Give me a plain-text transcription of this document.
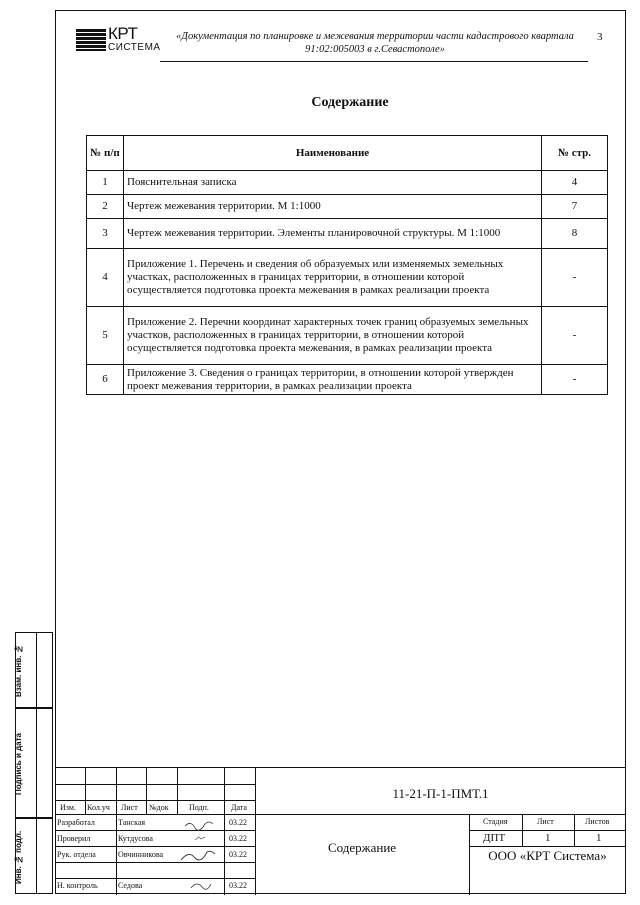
КРТ
СИСТЕМА
«Документация по планировке и межевания территории части кадастрового квартала 91:02:005003 в г.Севастополе»
3
Содержание
№ п/п	Наименование	№ стр.
1	Пояснительная записка	4
2	Чертеж межевания территории. М 1:1000	7
3	Чертеж межевания территории. Элементы планировочной структуры. М 1:1000	8
4	Приложение 1. Перечень и сведения об образуемых или изменяемых земельных участках, расположенных в границах территории, в отношении которой осуществляется подготовка проекта межевания в рамках реализации проекта	-
5	Приложение 2. Перечни координат характерных точек границ образуемых земельных участков, расположенных в границах территории, в отношении которой осуществляется подготовка проекта межевания, в рамках реализации проекта	-
6	Приложение 3. Сведения о границах территории, в отношении которой утвержден проект межевания территории, в рамках реализации проекта	-
Взам. инв. №
Подпись и дата
Инв. № подл.
Изм. Кол.уч Лист №док	Подп.	Дата
Разработал	Танская	03.22
Проверил	Кутдусова	03.22
Рук. отдела	Овчинникова	03.22
Н. контроль	Седова	03.22
11-21-П-1-ПМТ.1
Содержание
Стадия	Лист	Листов
ДПТ	1	1
ООО «КРТ Система»
